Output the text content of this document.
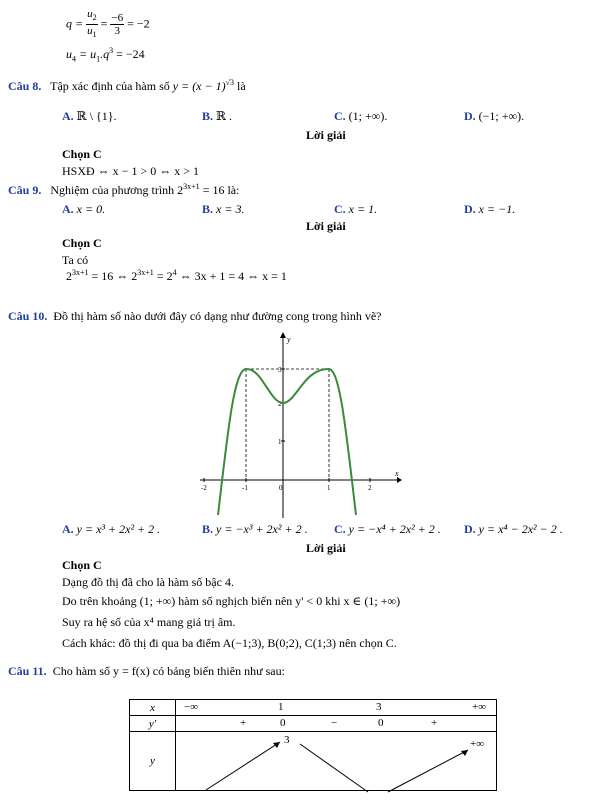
$q = \frac{u_2}{u_1} = \frac{-6}{3} = -2$
$u_4 = u_1.q^3 = -24$
Câu 8. Tập xác định của hàm số $y = (x - 1)^{√3}$ là
A. ℝ \ {1}.	B. ℝ .	C. (1; +∞).	D. (−1; +∞).
Lời giải
Chọn C
HSXĐ ⇔ x − 1 > 0 ⇔ x > 1
Câu 9. Nghiệm của phương trình $2^{3x+1} = 16$ là:
A. x = 0.	B. x = 3.	C. x = 1.	D. x = −1.
Lời giải
Chọn C
Ta có
$2^{3x+1} = 16$ ⇔ $2^{3x+1} = 2^4$ ⇔ 3x + 1 = 4 ⇔ x = 1
Câu 10. Đồ thị hàm số nào dưới đây có dạng như đường cong trong hình vẽ?
y
x
-2	-1	0	1	2
3
2
1
A. y = x³ + 2x² + 2 .	B. y = −x³ + 2x² + 2 . C. y = −x⁴ + 2x² + 2 . D. y = x⁴ − 2x² − 2 .
Lời giải
Chọn C
Dạng đồ thị đã cho là hàm số bậc 4.
Do trên khoảng (1; +∞) hàm số nghịch biến nên y' < 0 khi x ∈ (1; +∞)
Suy ra hệ số của x⁴ mang giá trị âm.
Cách khác: đồ thị đi qua ba điểm A(−1;3), B(0;2), C(1;3) nên chọn C.
Câu 11. Cho hàm số y = f(x) có bảng biến thiên như sau:
x	−∞ 1 3 +∞

y'	+ 0 − 0 +

y	3 +∞
